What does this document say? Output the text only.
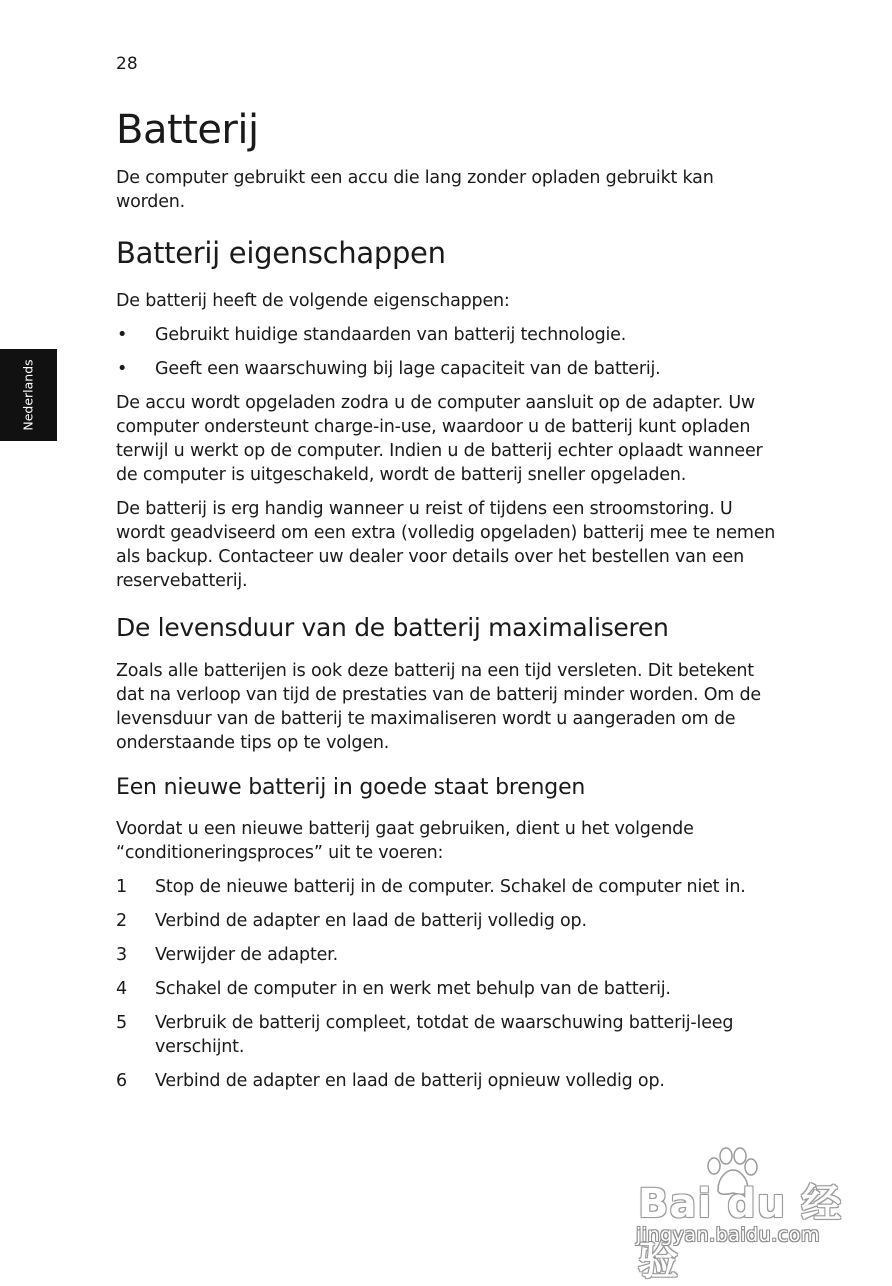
28
Nederlands
Batterij

De computer gebruikt een accu die lang zonder opladen gebruikt kan worden.

Batterij eigenschappen

De batterij heeft de volgende eigenschappen:

• Gebruikt huidige standaarden van batterij technologie.
• Geeft een waarschuwing bij lage capaciteit van de batterij.

De accu wordt opgeladen zodra u de computer aansluit op de adapter. Uw computer ondersteunt charge-in-use, waardoor u de batterij kunt opladen terwijl u werkt op de computer. Indien u de batterij echter oplaadt wanneer de computer is uitgeschakeld, wordt de batterij sneller opgeladen.

De batterij is erg handig wanneer u reist of tijdens een stroomstoring. U wordt geadviseerd om een extra (volledig opgeladen) batterij mee te nemen als backup. Contacteer uw dealer voor details over het bestellen van een reservebatterij.

De levensduur van de batterij maximaliseren

Zoals alle batterijen is ook deze batterij na een tijd versleten. Dit betekent dat na verloop van tijd de prestaties van de batterij minder worden. Om de levensduur van de batterij te maximaliseren wordt u aangeraden om de onderstaande tips op te volgen.

Een nieuwe batterij in goede staat brengen

Voordat u een nieuwe batterij gaat gebruiken, dient u het volgende “conditioneringsproces” uit te voeren:

1 Stop de nieuwe batterij in de computer. Schakel de computer niet in.
2 Verbind de adapter en laad de batterij volledig op.
3 Verwijder de adapter.
4 Schakel de computer in en werk met behulp van de batterij.
5 Verbruik de batterij compleet, totdat de waarschuwing batterij-leeg verschijnt.
6 Verbind de adapter en laad de batterij opnieuw volledig op.
Bai du 经验
jingyan.baidu.com
